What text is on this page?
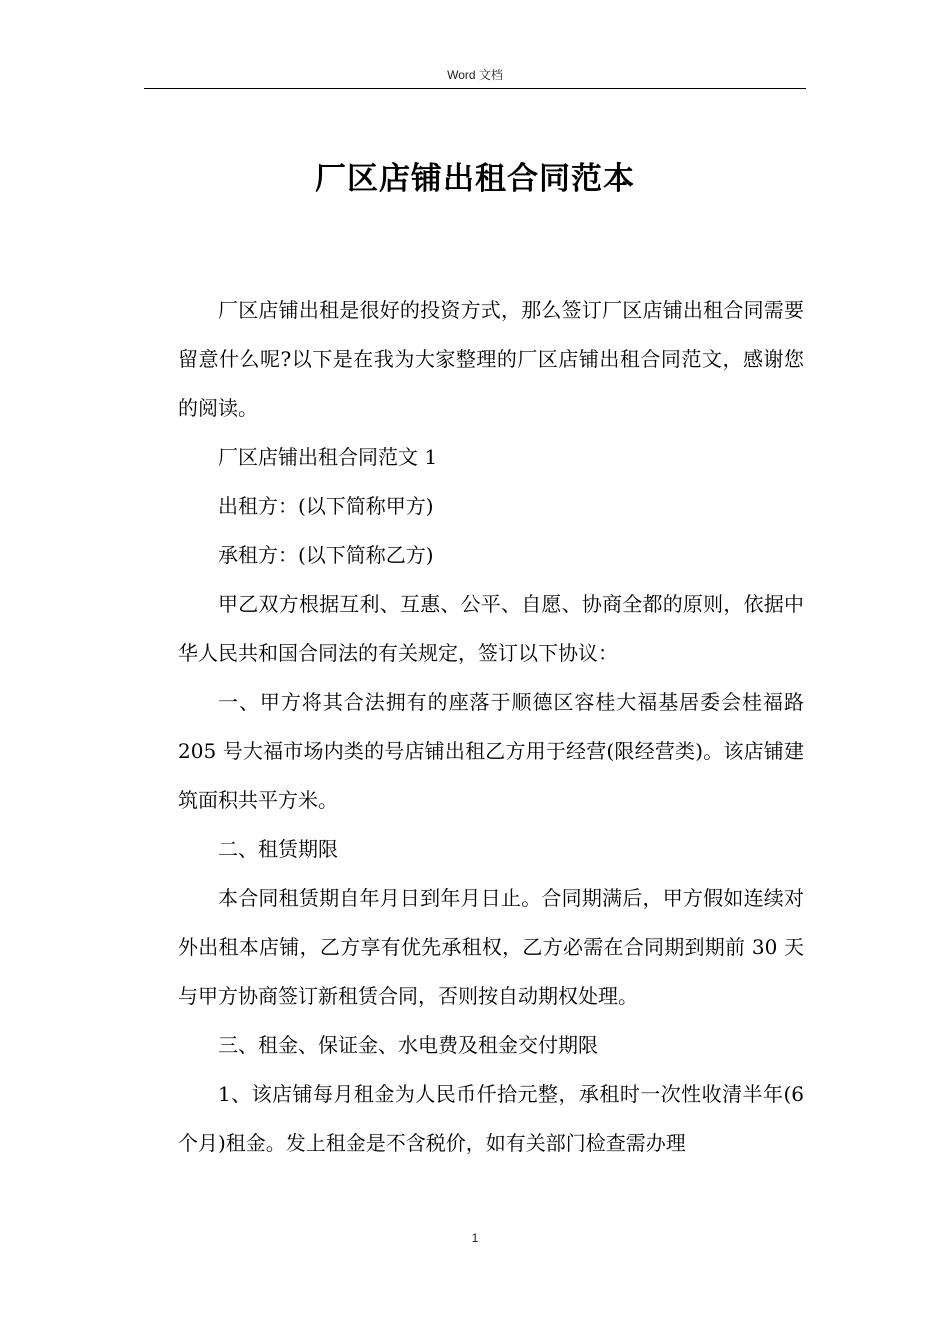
Word 文档
厂区店铺出租合同范本

厂区店铺出租是很好的投资方式，那么签订厂区店铺出租合同需要留意什么呢?以下是在我为大家整理的厂区店铺出租合同范文，感谢您的阅读。

厂区店铺出租合同范文 1

出租方：(以下简称甲方)

承租方：(以下简称乙方)

甲乙双方根据互利、互惠、公平、自愿、协商全都的原则，依据中华人民共和国合同法的有关规定，签订以下协议：

一、甲方将其合法拥有的座落于顺德区容桂大福基居委会桂福路 205 号大福市场内类的号店铺出租乙方用于经营(限经营类)。该店铺建筑面积共平方米。

二、租赁期限

本合同租赁期自年月日到年月日止。合同期满后，甲方假如连续对外出租本店铺，乙方享有优先承租权，乙方必需在合同期到期前 30 天与甲方协商签订新租赁合同，否则按自动期权处理。

三、租金、保证金、水电费及租金交付期限

1、该店铺每月租金为人民币仟拾元整，承租时一次性收清半年(6 个月)租金。发上租金是不含税价，如有关部门检查需办理

1
